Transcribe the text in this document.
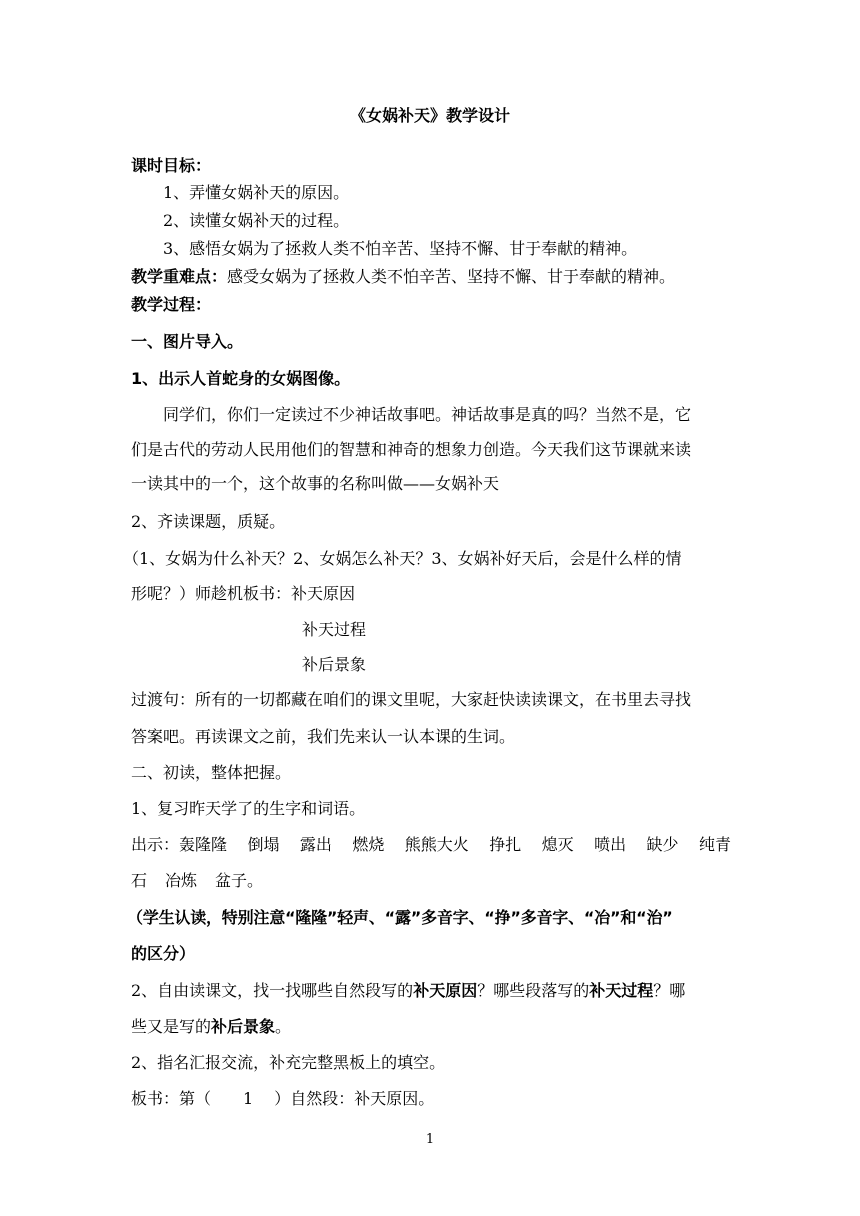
《女娲补天》教学设计
课时目标：
1、弄懂女娲补天的原因。
2、读懂女娲补天的过程。
3、感悟女娲为了拯救人类不怕辛苦、坚持不懈、甘于奉献的精神。
教学重难点：感受女娲为了拯救人类不怕辛苦、坚持不懈、甘于奉献的精神。
教学过程：
一、图片导入。
1、出示人首蛇身的女娲图像。
同学们，你们一定读过不少神话故事吧。神话故事是真的吗？当然不是，它
们是古代的劳动人民用他们的智慧和神奇的想象力创造。今天我们这节课就来读
一读其中的一个，这个故事的名称叫做——女娲补天
2、齐读课题，质疑。
（1、女娲为什么补天？2、女娲怎么补天？3、女娲补好天后，会是什么样的情
形呢？）师趁机板书：补天原因
补天过程
补后景象
过渡句：所有的一切都藏在咱们的课文里呢，大家赶快读读课文，在书里去寻找
答案吧。再读课文之前，我们先来认一认本课的生词。
二、初读，整体把握。
1、复习昨天学了的生字和词语。
出示：轰隆隆 倒塌 露出 燃烧 熊熊大火 挣扎 熄灭 喷出 缺少 纯青
石 冶炼 盆子。
（学生认读，特别注意“隆隆”轻声、“露”多音字、“挣”多音字、“冶”和“治”
的区分）
2、自由读课文，找一找哪些自然段写的补天原因？哪些段落写的补天过程？哪
些又是写的补后景象。
2、指名汇报交流，补充完整黑板上的填空。
板书：第（　　1　 ）自然段：补天原因。
1
